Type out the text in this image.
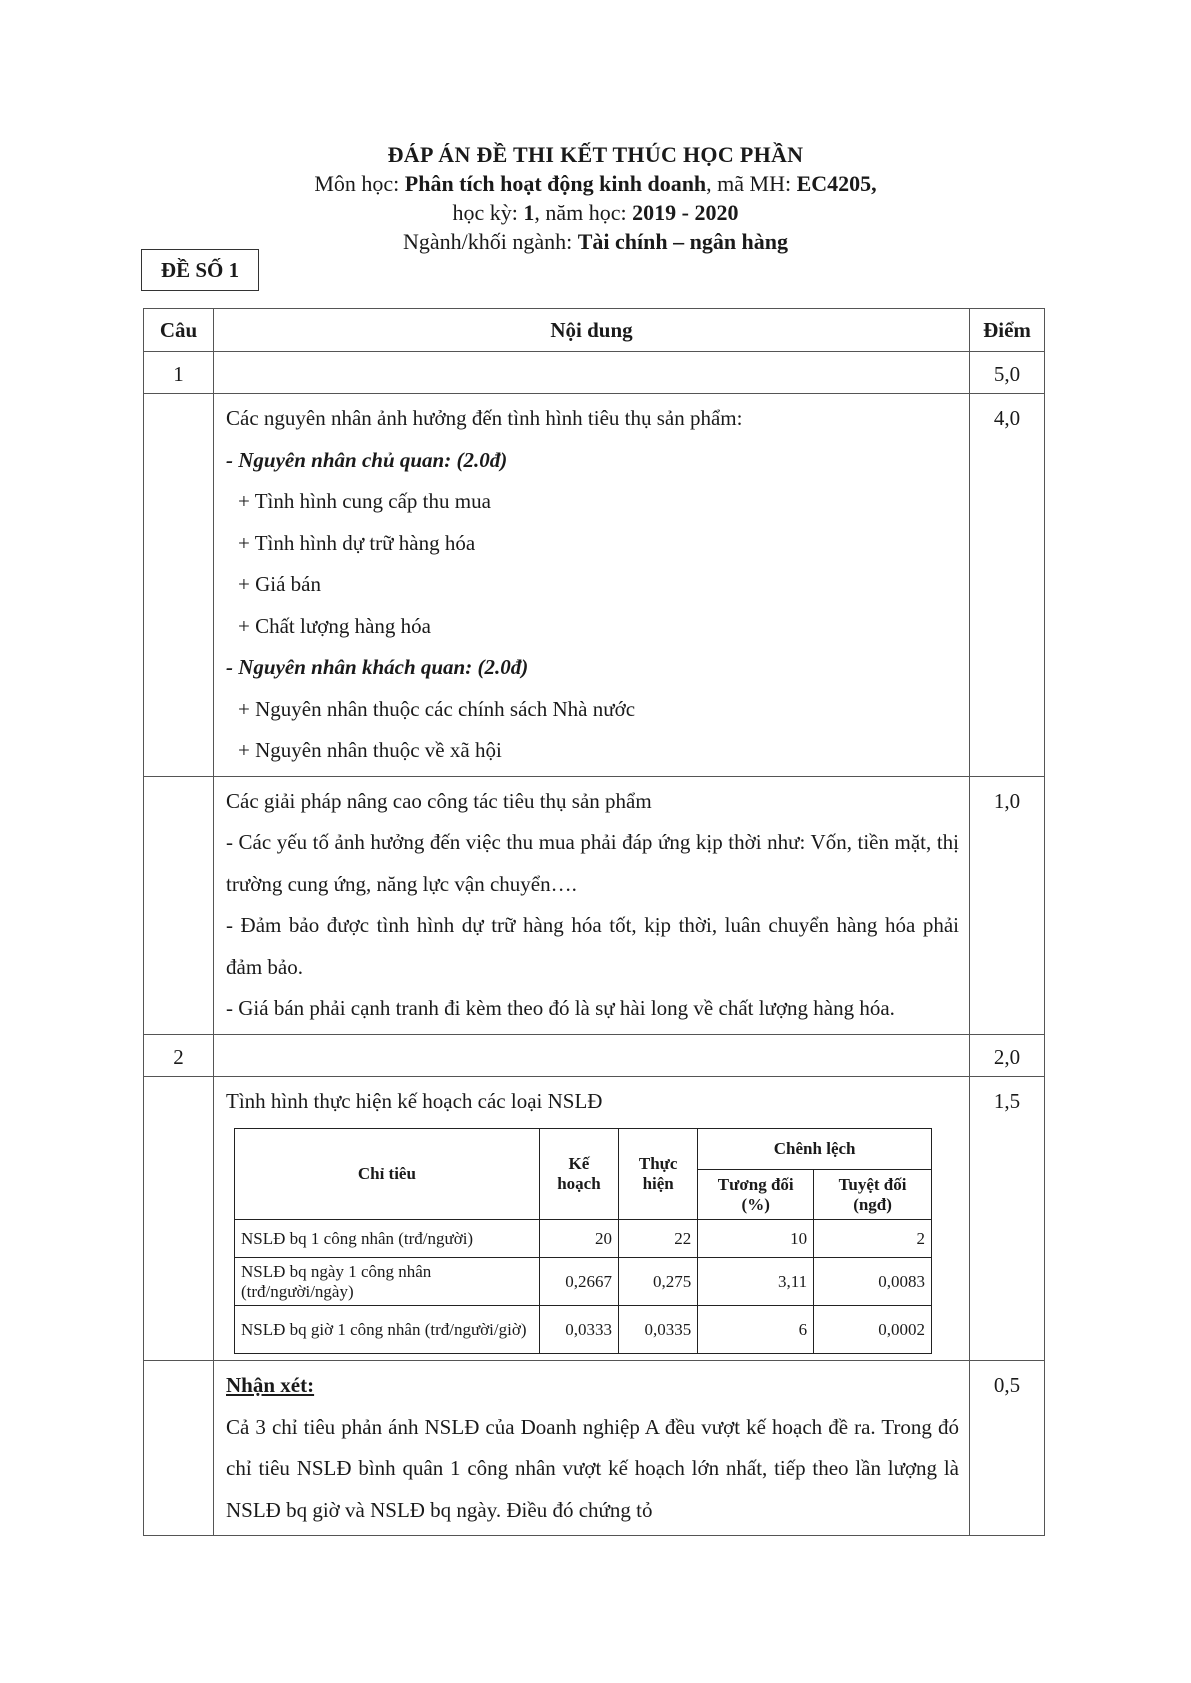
ĐÁP ÁN ĐỀ THI KẾT THÚC HỌC PHẦN
Môn học: Phân tích hoạt động kinh doanh, mã MH: EC4205,
học kỳ: 1, năm học: 2019 - 2020
Ngành/khối ngành: Tài chính – ngân hàng
ĐỀ SỐ 1
Câu	Nội dung	Điểm
1		5,0

Các nguyên nhân ảnh hưởng đến tình hình tiêu thụ sản phẩm:

- Nguyên nhân chủ quan: (2.0đ)

+ Tình hình cung cấp thu mua

+ Tình hình dự trữ hàng hóa

+ Giá bán

+ Chất lượng hàng hóa

- Nguyên nhân khách quan: (2.0đ)

+ Nguyên nhân thuộc các chính sách Nhà nước

+ Nguyên nhân thuộc về xã hội

	4,0

Các giải pháp nâng cao công tác tiêu thụ sản phẩm

- Các yếu tố ảnh hưởng đến việc thu mua phải đáp ứng kịp thời như: Vốn, tiền mặt, thị trường cung ứng, năng lực vận chuyển….

- Đảm bảo được tình hình dự trữ hàng hóa tốt, kịp thời, luân chuyển hàng hóa phải đảm bảo.

- Giá bán phải cạnh tranh đi kèm theo đó là sự hài long về chất lượng hàng hóa.

	1,0
2		2,0

Tình hình thực hiện kế hoạch các loại NSLĐ

Chỉ tiêu	Kế hoạch	Thực hiện	Chênh lệch
Tương đối (%)	Tuyệt đối (ngđ)
NSLĐ bq 1 công nhân (trđ/người)	20	22	10	2
NSLĐ bq ngày 1 công nhân (trđ/người/ngày)	0,2667	0,275	3,11	0,0083
NSLĐ bq giờ 1 công nhân (trđ/người/giờ)	0,0333	0,0335	6	0,0002
	1,5

Nhận xét:

Cả 3 chỉ tiêu phản ánh NSLĐ của Doanh nghiệp A đều vượt kế hoạch đề ra. Trong đó chỉ tiêu NSLĐ bình quân 1 công nhân vượt kế hoạch lớn nhất, tiếp theo lần lượng là NSLĐ bq giờ và NSLĐ bq ngày. Điều đó chứng tỏ

	0,5
